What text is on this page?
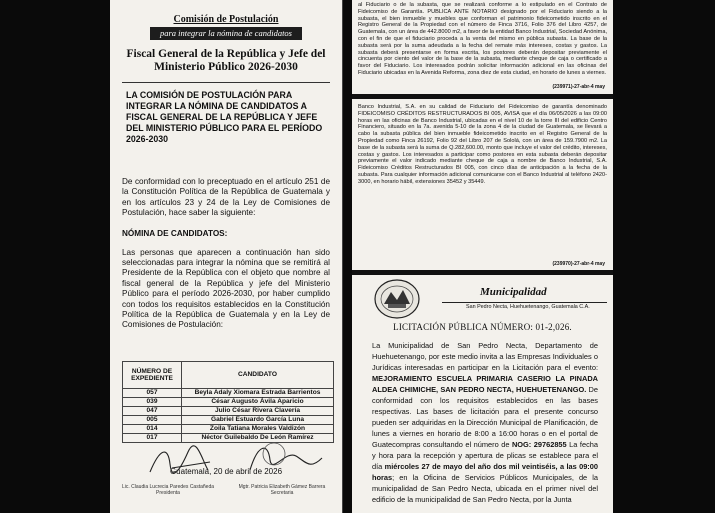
Comisión de Postulación
para integrar la nómina de candidatos
Fiscal General de la República y Jefe del Ministerio Público 2026-2030
LA COMISIÓN DE POSTULACIÓN PARA INTEGRAR LA NÓMINA DE CANDIDATOS A FISCAL GENERAL DE LA REPÚBLICA Y JEFE DEL MINISTERIO PÚBLICO PARA EL PERÍODO 2026-2030
De conformidad con lo preceptuado en el artículo 251 de la Constitución Política de la República de Guatemala y en los artículos 23 y 24 de la Ley de Comisiones de Postulación, hace saber la siguiente:
NÓMINA DE CANDIDATOS:
Las personas que aparecen a continuación han sido seleccionadas para integrar la nómina que se remitirá al Presidente de la República con el objeto que nombre al fiscal general de la República y jefe del Ministerio Público para el período 2026-2030, por haber cumplido con todos los requisitos establecidos en la Constitución Política de la República de Guatemala y en la Ley de Comisiones de Postulación:
NÚMERO DE EXPEDIENTE	CANDIDATO
057	Beyla Adaly Xiomara Estrada Barrientos
039	César Augusto Ávila Aparicio
047	Julio César Rivera Clavería
005	Gabriel Estuardo García Luna
014	Zoila Tatiana Morales Valdizón
017	Néctor Guilebaldo De León Ramírez
Guatemala, 20 de abril de 2026
Lic. Claudia Lucrecia Paredes Castañeda
Presidenta
Mgtr. Patricia Elizabeth Gámez Barrera
Secretaria

al Fiduciario o de la subasta, que se realizará conforme a lo estipulado en el Contrato de Fideicomiso de Garantía. PUBLICA ANTE NOTARIO designado por el Fiduciario siendo a la subasta, el bien inmueble y muebles que conforman el patrimonio fideicometido inscrito en el Registro General de la Propiedad con el número de Finca 3716, Folio 376 del Libro 4257, de Guatemala, con un área de 442.8000 m2, a favor de la entidad Banco Industrial, Sociedad Anónima, con el fin de que el fiduciario proceda a la venta del mismo en pública subasta. La base de la subasta será por la suma adeudada a la fecha del remate más intereses, costas y gastos. La subasta deberá presentarse en forma escrita, los postores deberán depositar previamente el cincuenta por ciento del valor de la base de la subasta, mediante cheque de caja o certificado a favor del Fiduciario. Los interesados podrán solicitar información adicional en las oficinas del Fiduciario ubicadas en la Avenida Reforma, zona diez de esta ciudad, en horario de lunes a viernes.

(239971)-27-abr-4 may

Banco Industrial, S.A. en su calidad de Fiduciario del Fideicomiso de garantía denominado FIDEICOMISO CRÉDITOS RESTRUCTURADOS BI 005, AVISA que el día 06/05/2026 a las 09:00 horas en las oficinas de Banco Industrial, ubicadas en el nivel 10 de la torre III del edificio Centro Financiero, situado en la 7a. avenida 5-10 de la zona 4 de la ciudad de Guatemala, se llevará a cabo la subasta pública del bien inmueble fideicometido inscrito en el Registro General de la Propiedad como Finca 26192, Folio 92 del Libro 207 de Sololá, con un área de 159.7900 m2. La base de la subasta será la suma de Q.282,600.00, monto que incluye el valor del crédito, intereses, costas y gastos. Los interesados a participar como postores en esta subasta deberán depositar previamente el valor indicado mediante cheque de caja a nombre de Banco Industrial, S.A. Fideicomiso Créditos Restructurados BI 005, con cinco días de anticipación a la fecha de la subasta. Para cualquier información adicional comunicarse con el Banco Industrial al teléfono 2420-3000, en horario hábil, extensiones 35452 y 35449.

(239970)-27-abr-4 may
Municipalidad
San Pedro Necta, Huehuetenango, Guatemala C.A.
LICITACIÓN PÚBLICA NÚMERO: 01-2,026.
La Municipalidad de San Pedro Necta, Departamento de Huehuetenango, por este medio invita a las Empresas Individuales o Jurídicas interesadas en participar en la Licitación para el evento: MEJORAMIENTO ESCUELA PRIMARIA CASERIO LA PINADA ALDEA CHIMICHE, SAN PEDRO NECTA, HUEHUETENANGO. De conformidad con los requisitos establecidos en las bases respectivas. Las bases de licitación para el presente concurso pueden ser adquiridas en la Dirección Municipal de Planificación, de lunes a viernes en horario de 8:00 a 16:00 horas o en el portal de Guatecompras consultando el número de NOG: 29762855 La fecha y hora para la recepción y apertura de plicas se establece para el día miércoles 27 de mayo del año dos mil veintiséis, a las 09:00 horas; en la Oficina de Servicios Públicos Municipales, de la municipalidad de San Pedro Necta, ubicada en el primer nivel del edificio de la municipalidad de San Pedro Necta, por la Junta
